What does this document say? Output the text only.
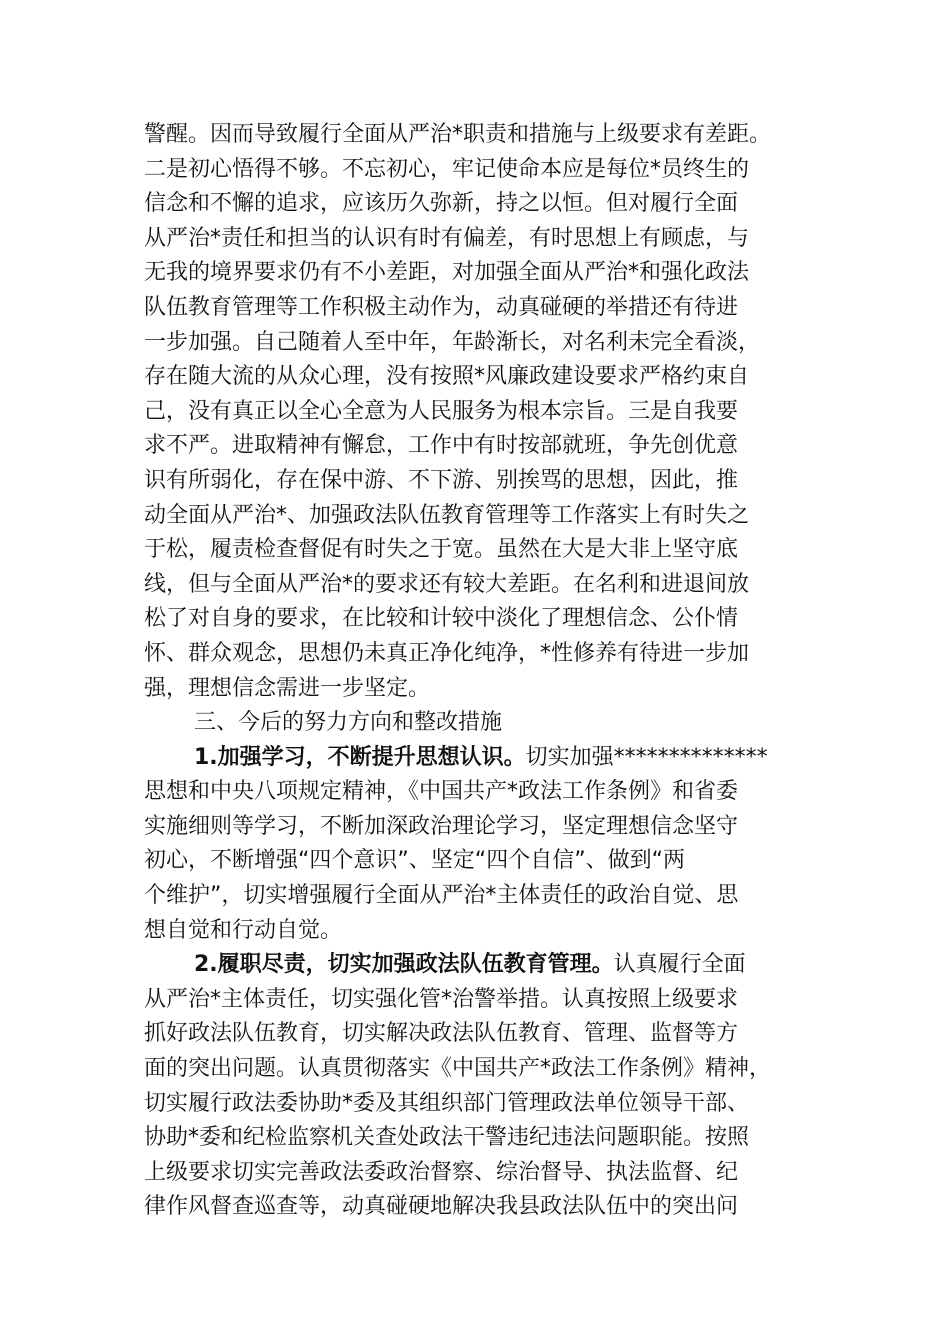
警醒。因而导致履行全面从严治*职责和措施与上级要求有差距。
二是初心悟得不够。不忘初心，牢记使命本应是每位*员终生的
信念和不懈的追求，应该历久弥新，持之以恒。但对履行全面
从严治*责任和担当的认识有时有偏差，有时思想上有顾虑，与
无我的境界要求仍有不小差距，对加强全面从严治*和强化政法
队伍教育管理等工作积极主动作为，动真碰硬的举措还有待进
一步加强。自己随着人至中年，年龄渐长，对名利未完全看淡，
存在随大流的从众心理，没有按照*风廉政建设要求严格约束自
己，没有真正以全心全意为人民服务为根本宗旨。三是自我要
求不严。进取精神有懈怠，工作中有时按部就班，争先创优意
识有所弱化，存在保中游、不下游、别挨骂的思想，因此，推
动全面从严治*、加强政法队伍教育管理等工作落实上有时失之
于松，履责检查督促有时失之于宽。虽然在大是大非上坚守底
线，但与全面从严治*的要求还有较大差距。在名利和进退间放
松了对自身的要求，在比较和计较中淡化了理想信念、公仆情
怀、群众观念，思想仍未真正净化纯净，*性修养有待进一步加
强，理想信念需进一步坚定。
三、今后的努力方向和整改措施
1.加强学习，不断提升思想认识。切实加强**************
思想和中央八项规定精神，《中国共产*政法工作条例》和省委
实施细则等学习，不断加深政治理论学习，坚定理想信念坚守
初心，不断增强“四个意识”、坚定“四个自信”、做到“两
个维护”，切实增强履行全面从严治*主体责任的政治自觉、思
想自觉和行动自觉。
2.履职尽责，切实加强政法队伍教育管理。认真履行全面
从严治*主体责任，切实强化管*治警举措。认真按照上级要求
抓好政法队伍教育，切实解决政法队伍教育、管理、监督等方
面的突出问题。认真贯彻落实《中国共产*政法工作条例》精神，
切实履行政法委协助*委及其组织部门管理政法单位领导干部、
协助*委和纪检监察机关查处政法干警违纪违法问题职能。按照
上级要求切实完善政法委政治督察、综治督导、执法监督、纪
律作风督查巡查等，动真碰硬地解决我县政法队伍中的突出问
